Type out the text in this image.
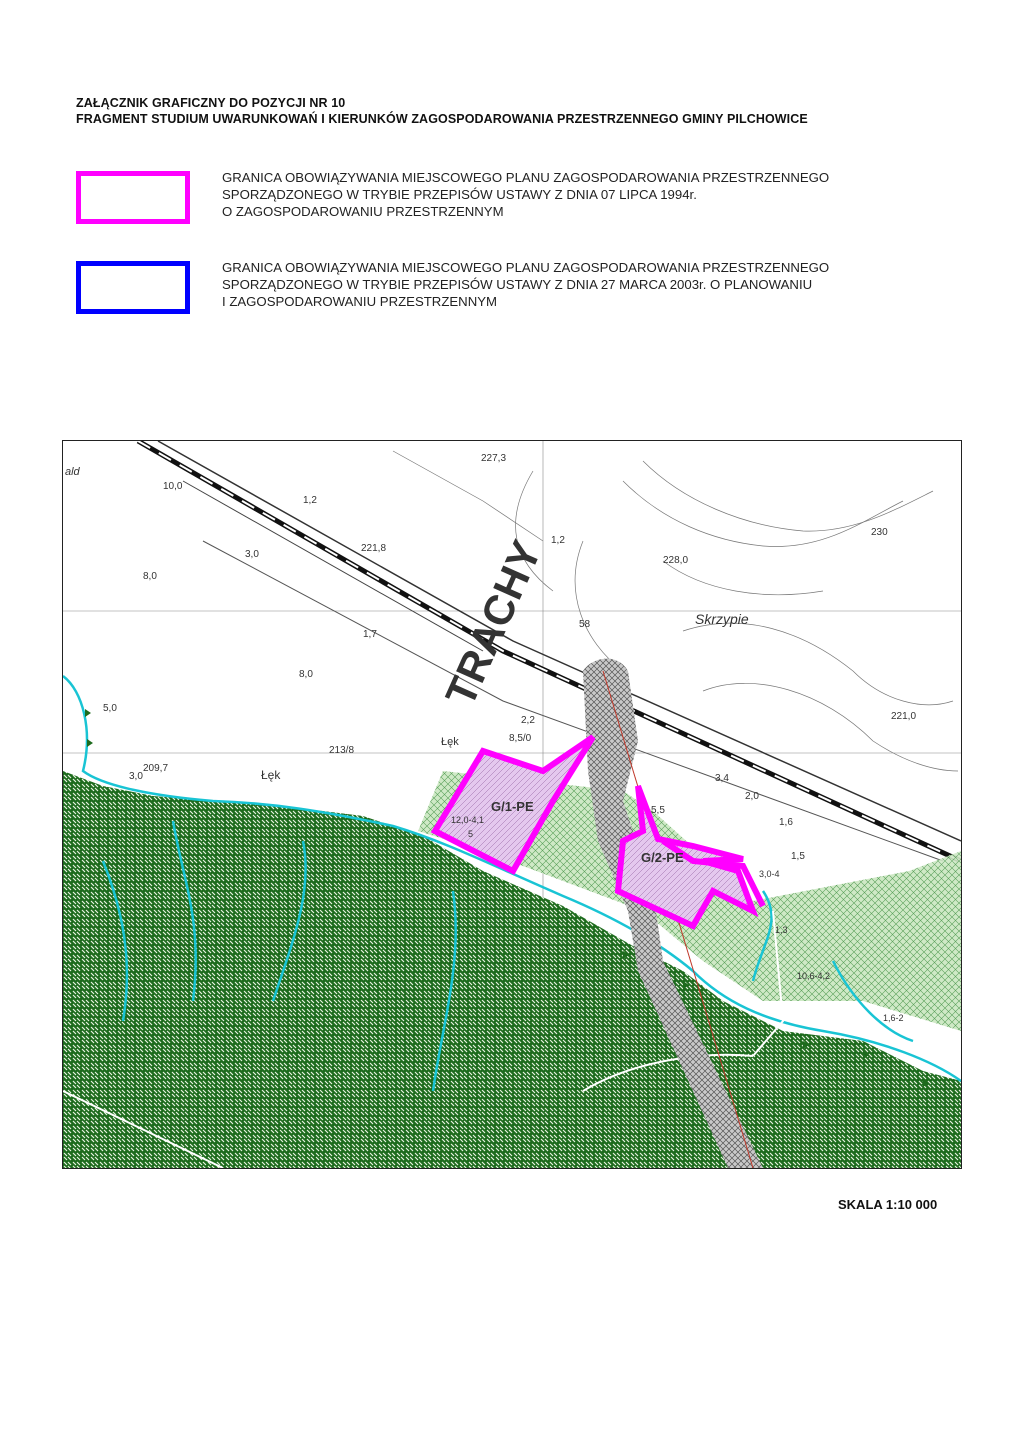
ZAŁĄCZNIK GRAFICZNY DO POZYCJI NR 10
FRAGMENT STUDIUM UWARUNKOWAŃ I KIERUNKÓW ZAGOSPODAROWANIA PRZESTRZENNEGO GMINY PILCHOWICE
GRANICA OBOWIĄZYWANIA MIEJSCOWEGO PLANU ZAGOSPODAROWANIA PRZESTRZENNEGO
SPORZĄDZONEGO W TRYBIE PRZEPISÓW USTAWY Z DNIA 07 LIPCA 1994r.
O ZAGOSPODAROWANIU PRZESTRZENNYM
GRANICA OBOWIĄZYWANIA MIEJSCOWEGO PLANU ZAGOSPODAROWANIA PRZESTRZENNEGO
SPORZĄDZONEGO W TRYBIE PRZEPISÓW USTAWY Z DNIA 27 MARCA 2003r. O PLANOWANIU
I ZAGOSPODAROWANIU PRZESTRZENNYM
TRACHY
G/1-PE
G/2-PE
Skrzypie
Łęk
Łęk
ald
227,3
221,8
228,0
209,7
213/8
230
221,0
10,0
1,2
3,0
8,0
1,7
8,0
5,0
3,0
1,2
58
2,2
8,5/0
3,4
2,0
5,5
1,6
1,5
3,0-4
12,0-4,1
5
1,3
10,6-4,2
1,6-2
SKALA 1:10 000
